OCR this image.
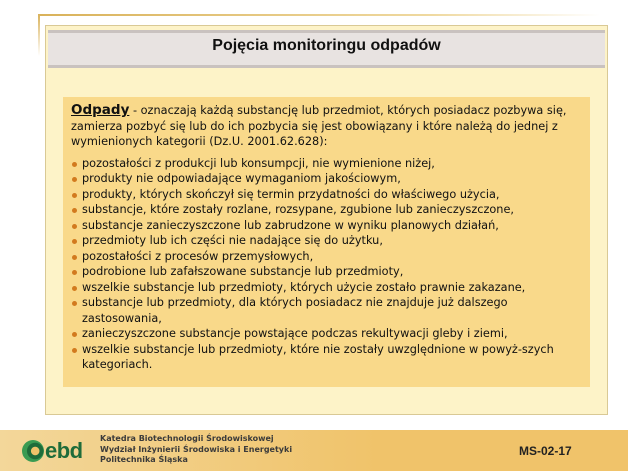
Pojęcia monitoringu odpadów

Odpady - oznaczają każdą substancję lub przedmiot, których posiadacz pozbywa się, zamierza pozbyć się lub do ich pozbycia się jest obowiązany i które należą do jednej z wymienionych kategorii (Dz.U. 2001.62.628):

pozostałości z produkcji lub konsumpcji, nie wymienione niżej,
produkty nie odpowiadające wymaganiom jakościowym,
produkty, których skończył się termin przydatności do właściwego użycia,
substancje, które zostały rozlane, rozsypane, zgubione lub zanieczyszczone,
substancje zanieczyszczone lub zabrudzone w wyniku planowych działań,
przedmioty lub ich części nie nadające się do użytku,
pozostałości z procesów przemysłowych,
podrobione lub zafałszowane substancje lub przedmioty,
wszelkie substancje lub przedmioty, których użycie zostało prawnie zakazane,
substancje lub przedmioty, dla których posiadacz nie znajduje już dalszego zastosowania,
zanieczyszczone substancje powstające podczas rekultywacji gleby i ziemi,
wszelkie substancje lub przedmioty, które nie zostały uwzględnione w powyż-szych kategoriach.
ebd Katedra Biotechnologii Środowiskowej
Wydział Inżynierii Środowiska i Energetyki
Politechnika Śląska
MS-02-17
